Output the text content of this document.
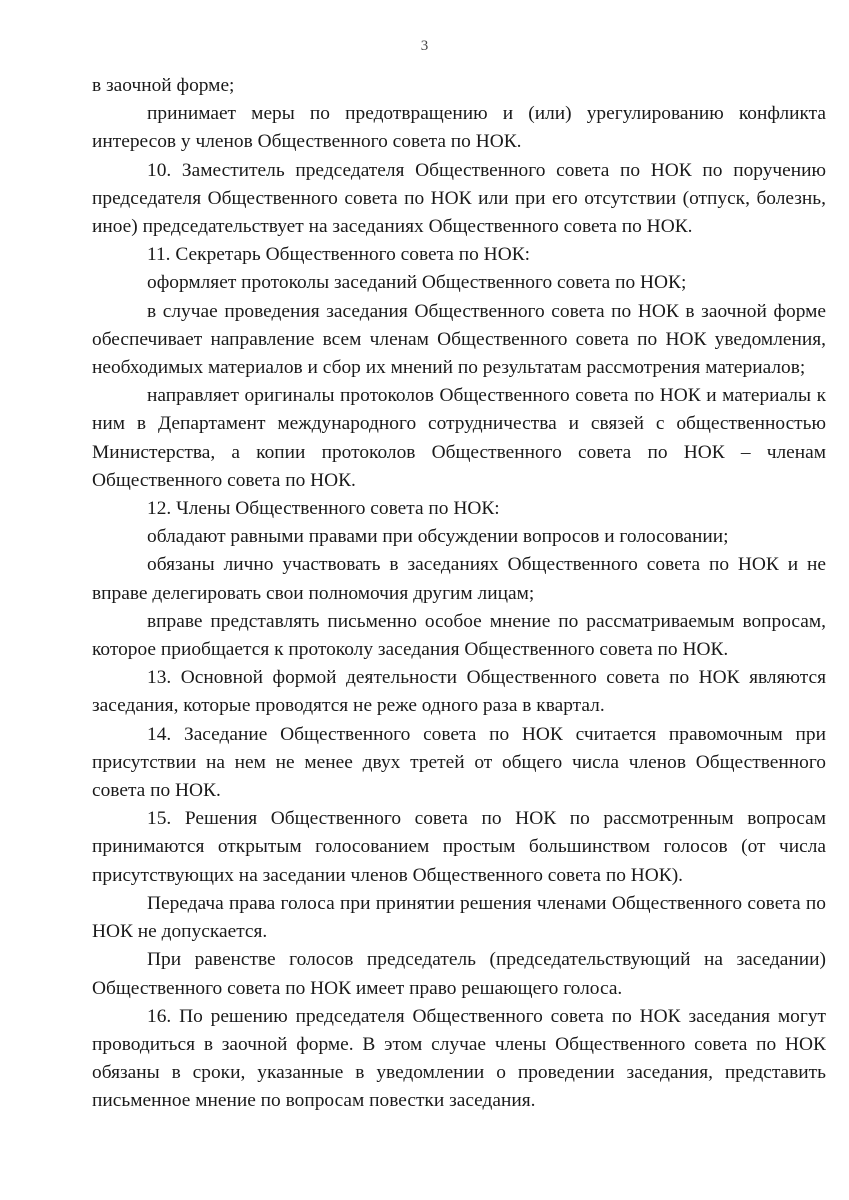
3

в заочной форме;

принимает меры по предотвращению и (или) урегулированию конфликта интересов у членов Общественного совета по НОК.

10. Заместитель председателя Общественного совета по НОК по поручению председателя Общественного совета по НОК или при его отсутствии (отпуск, болезнь, иное) председательствует на заседаниях Общественного совета по НОК.

11. Секретарь Общественного совета по НОК:

оформляет протоколы заседаний Общественного совета по НОК;

в случае проведения заседания Общественного совета по НОК в заочной форме обеспечивает направление всем членам Общественного совета по НОК уведомления, необходимых материалов и сбор их мнений по результатам рассмотрения материалов;

направляет оригиналы протоколов Общественного совета по НОК и материалы к ним в Департамент международного сотрудничества и связей с общественностью Министерства, а копии протоколов Общественного совета по НОК – членам Общественного совета по НОК.

12. Члены Общественного совета по НОК:

обладают равными правами при обсуждении вопросов и голосовании;

обязаны лично участвовать в заседаниях Общественного совета по НОК и не вправе делегировать свои полномочия другим лицам;

вправе представлять письменно особое мнение по рассматриваемым вопросам, которое приобщается к протоколу заседания Общественного совета по НОК.

13. Основной формой деятельности Общественного совета по НОК являются заседания, которые проводятся не реже одного раза в квартал.

14. Заседание Общественного совета по НОК считается правомочным при присутствии на нем не менее двух третей от общего числа членов Общественного совета по НОК.

15. Решения Общественного совета по НОК по рассмотренным вопросам принимаются открытым голосованием простым большинством голосов (от числа присутствующих на заседании членов Общественного совета по НОК).

Передача права голоса при принятии решения членами Общественного совета по НОК не допускается.

При равенстве голосов председатель (председательствующий на заседании) Общественного совета по НОК имеет право решающего голоса.

16. По решению председателя Общественного совета по НОК заседания могут проводиться в заочной форме. В этом случае члены Общественного совета по НОК обязаны в сроки, указанные в уведомлении о проведении заседания, представить письменное мнение по вопросам повестки заседания.
